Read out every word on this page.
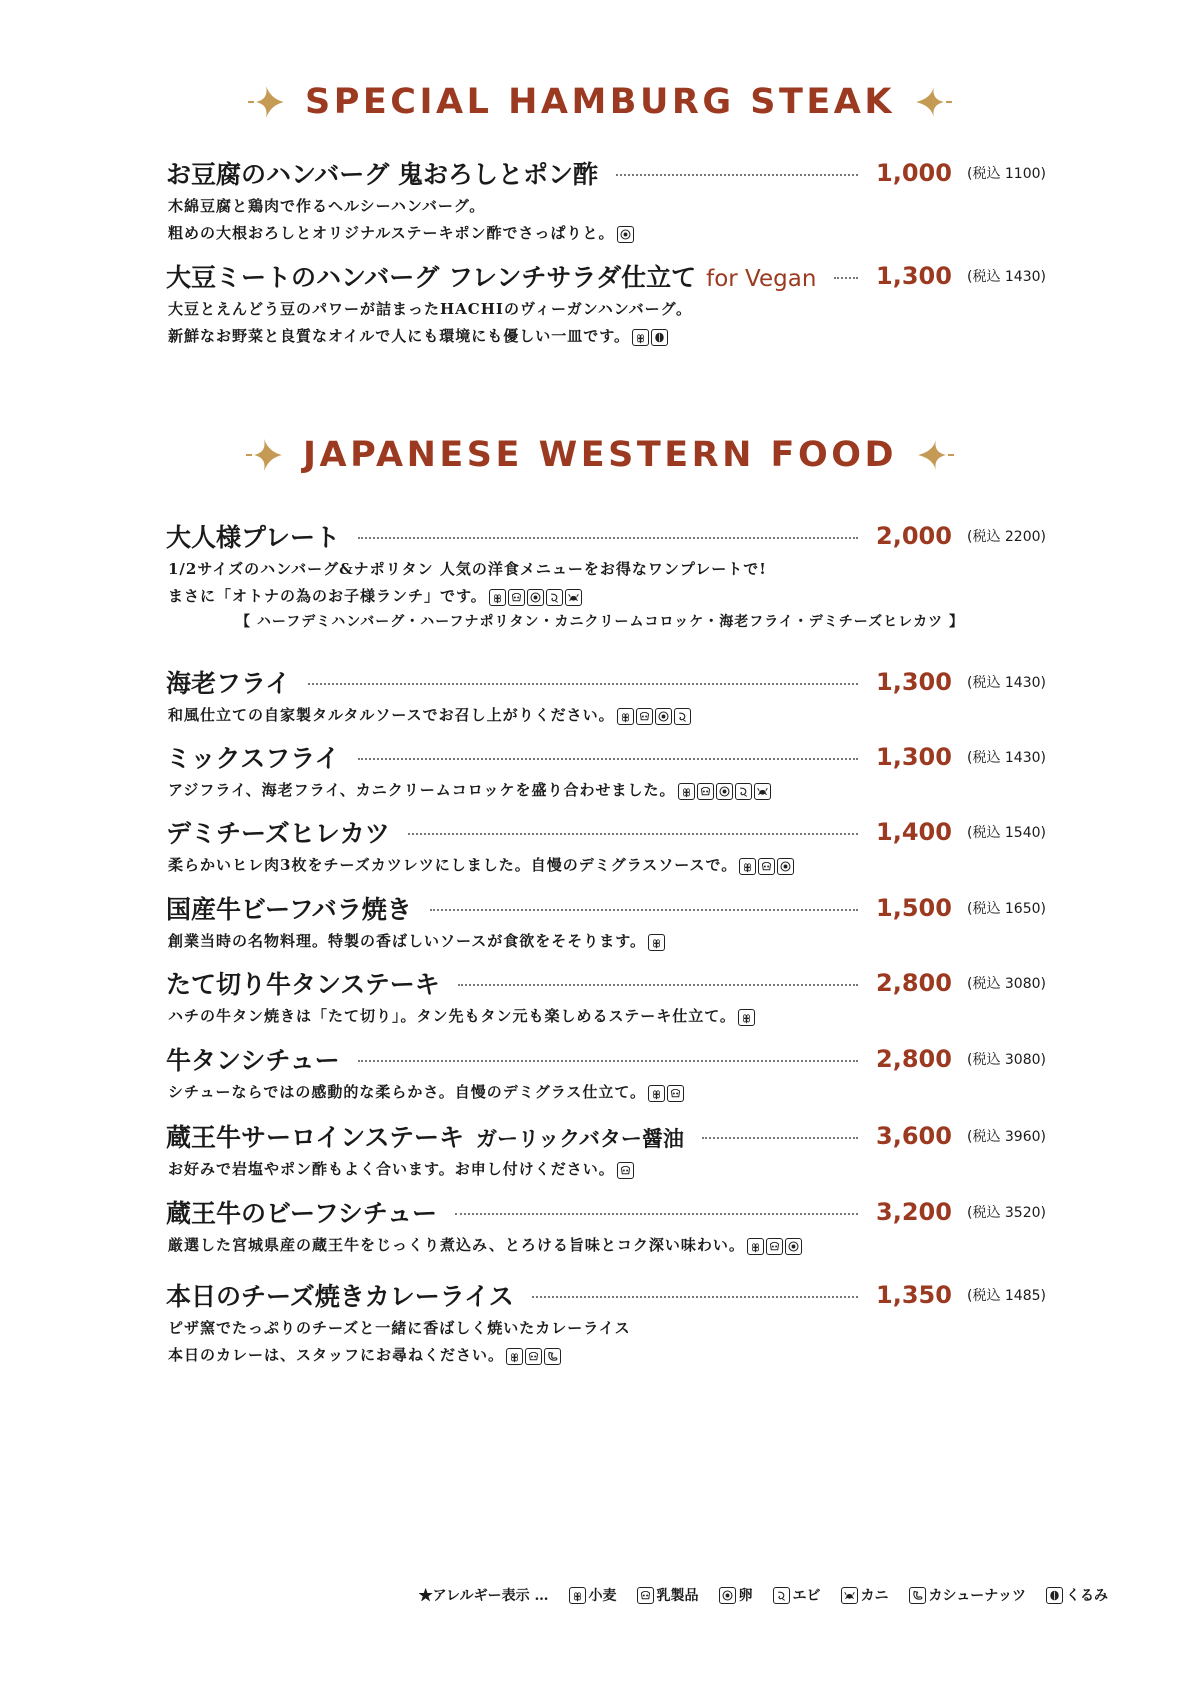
SPECIAL HAMBURG STEAK
JAPANESE WESTERN FOOD
お豆腐のハンバーグ 鬼おろしとポン酢	1,000	(税込 1100)
木綿豆腐と鶏肉で作るヘルシーハンバーグ。
粗めの大根おろしとオリジナルステーキポン酢でさっぱりと。
大豆ミートのハンバーグ フレンチサラダ仕立て for Vegan 1,300	(税込 1430)
大豆とえんどう豆のパワーが詰まったHACHIのヴィーガンハンバーグ。
新鮮なお野菜と良質なオイルで人にも環境にも優しい一皿です。
大人様プレート	2,000	(税込 2200)
1/2サイズのハンバーグ&ナポリタン 人気の洋食メニューをお得なワンプレートで!
まさに「オトナの為のお子様ランチ」です。
【 ハーフデミハンバーグ・ハーフナポリタン・カニクリームコロッケ・海老フライ・デミチーズヒレカツ 】
海老フライ	1,300	(税込 1430)
和風仕立ての自家製タルタルソースでお召し上がりください。
ミックスフライ	1,300	(税込 1430)
アジフライ、海老フライ、カニクリームコロッケを盛り合わせました。
デミチーズヒレカツ	1,400	(税込 1540)
柔らかいヒレ肉3枚をチーズカツレツにしました。自慢のデミグラスソースで。
国産牛ビーフバラ焼き	1,500	(税込 1650)
創業当時の名物料理。特製の香ばしいソースが食欲をそそります。
たて切り牛タンステーキ	2,800	(税込 3080)
ハチの牛タン焼きは「たて切り」。タン先もタン元も楽しめるステーキ仕立て。
牛タンシチュー	2,800	(税込 3080)
シチューならではの感動的な柔らかさ。自慢のデミグラス仕立て。
蔵王牛サーロインステーキ ガーリックバター醤油	3,600	(税込 3960)
お好みで岩塩やポン酢もよく合います。お申し付けください。
蔵王牛のビーフシチュー	3,200	(税込 3520)
厳選した宮城県産の蔵王牛をじっくり煮込み、とろける旨味とコク深い味わい。
本日のチーズ焼きカレーライス	1,350	(税込 1485)
ピザ窯でたっぷりのチーズと一緒に香ばしく焼いたカレーライス
本日のカレーは、スタッフにお尋ねください。
★アレルギー表示 …	小麦	乳製品	卵	エビ	カニ	カシューナッツ	くるみ
